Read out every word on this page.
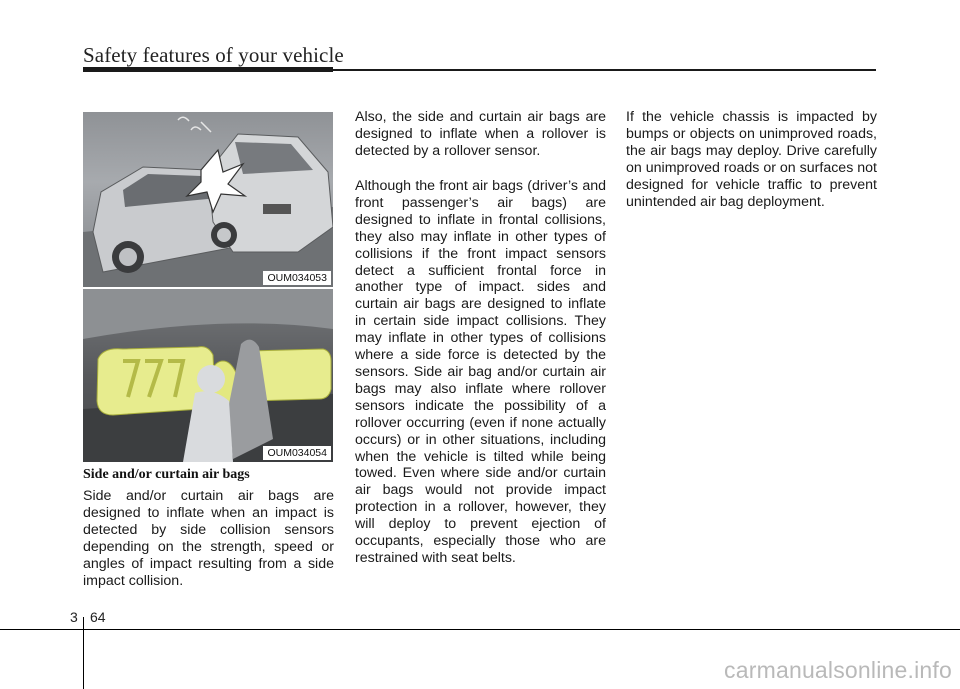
Safety features of your vehicle
OUM034053
OUM034054
Side and/or curtain air bags

Side and/or curtain air bags are designed to inflate when an impact is detected by side collision sensors depending on the strength, speed or angles of impact resulting from a side impact collision.

Also, the side and curtain air bags are designed to inflate when a rollover is detected by a rollover sensor.

Although the front air bags (driver’s and front passenger’s air bags) are designed to inflate in frontal collisions, they also may inflate in other types of collisions if the front impact sensors detect a sufficient frontal force in another type of impact. sides and curtain air bags are designed to inflate in certain side impact collisions. They may inflate in other types of collisions where a side force is detected by the sensors. Side air bag and/or curtain air bags may also inflate where rollover sensors indicate the possibility of a rollover occurring (even if none actually occurs) or in other situations, including when the vehicle is tilted while being towed. Even where side and/or curtain air bags would not provide impact protection in a rollover, however, they will deploy to prevent ejection of occupants, especially those who are restrained with seat belts.

If the vehicle chassis is impacted by bumps or objects on unimproved roads, the air bags may deploy. Drive carefully on unimproved roads or on surfaces not designed for vehicle traffic to prevent unintended air bag deployment.

3 64
carmanualsonline.info
